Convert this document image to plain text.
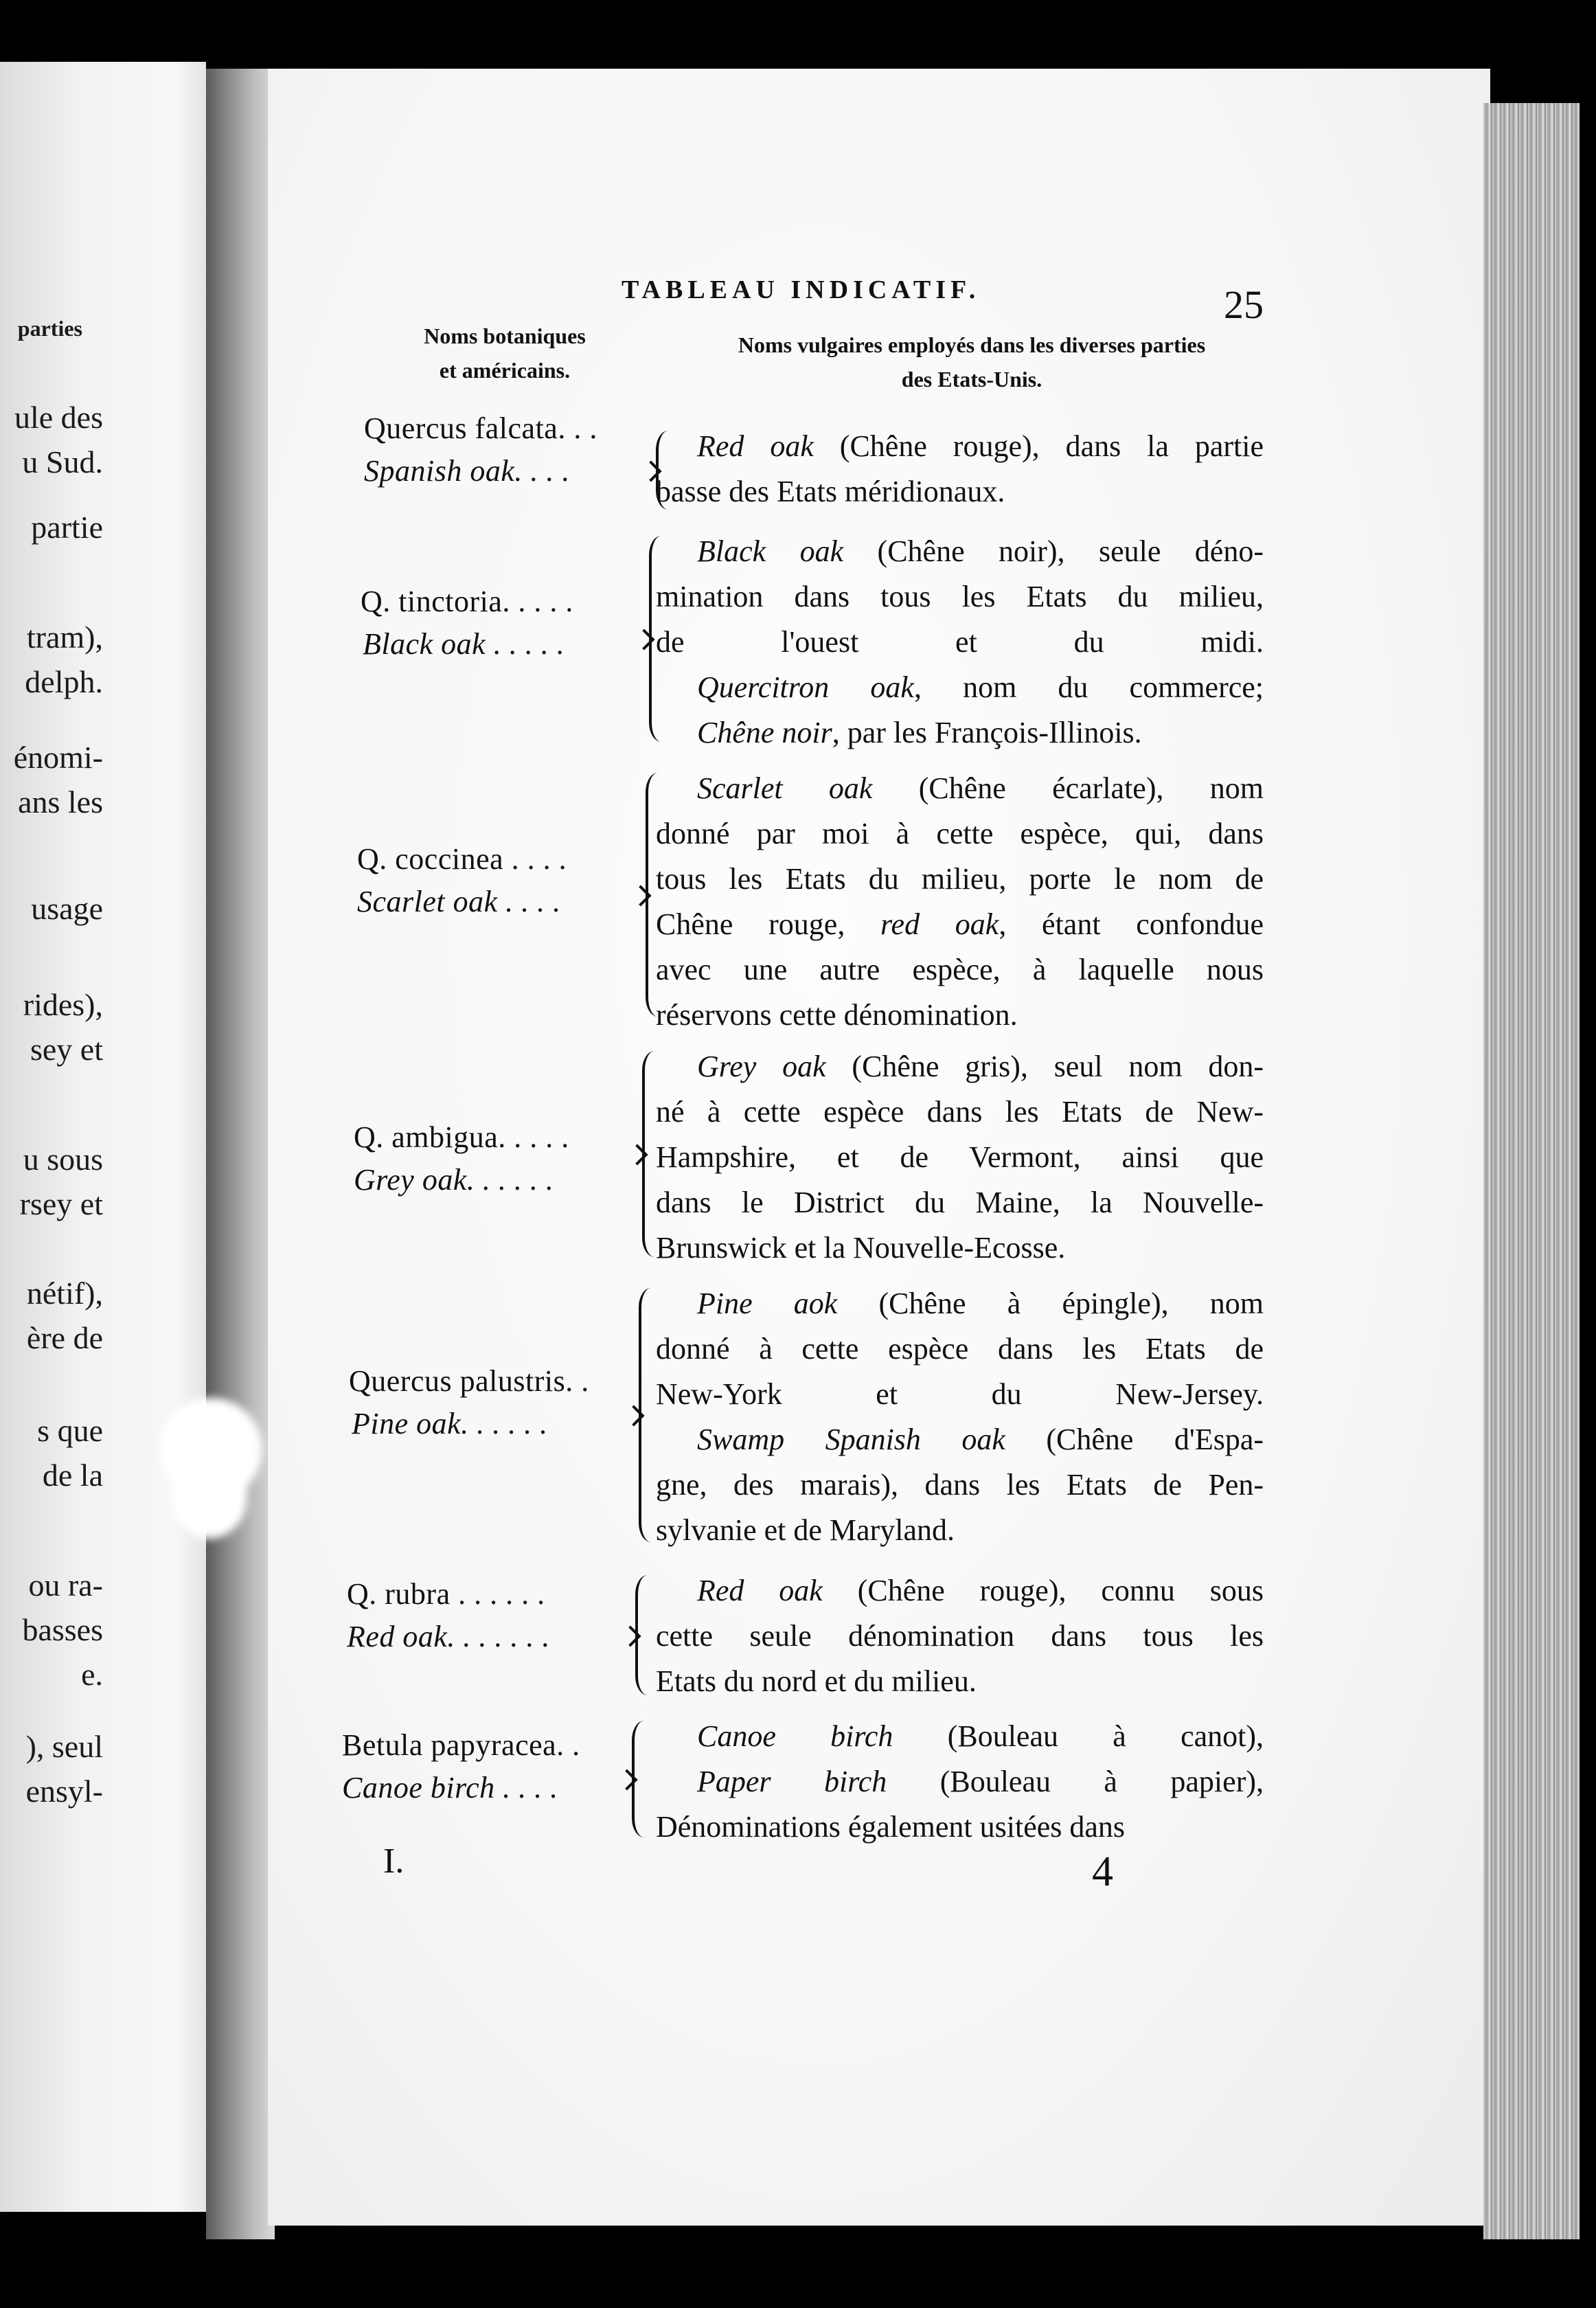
parties
ule des
u Sud.
partie
tram),
delph.
énomi-
ans les
usage
rides),
sey et
u sous
rsey et
nétif),
ère de
s que
de la
ou ra-
basses
e.
), seul
ensyl-
TABLEAU INDICATIF.	25
Noms botaniques
et américains.
Noms vulgaires employés dans les diverses parties
des Etats-Unis.
Quercus falcata. . .
Spanish oak. . . .

Red oak (Chêne rouge), dans la partie

basse des Etats méridionaux.

Q. tinctoria. . . . .
Black oak . . . . .

Black oak (Chêne noir), seule déno-

mination dans tous les Etats du milieu,

de l'ouest et du midi.

Quercitron oak, nom du commerce;

Chêne noir, par les François-Illinois.

Q. coccinea . . . .
Scarlet oak . . . .

Scarlet oak (Chêne écarlate), nom

donné par moi à cette espèce, qui, dans

tous les Etats du milieu, porte le nom de

Chêne rouge, red oak, étant confondue

avec une autre espèce, à laquelle nous

réservons cette dénomination.

Q. ambigua. . . . .
Grey oak. . . . . .

Grey oak (Chêne gris), seul nom don-

né à cette espèce dans les Etats de New-

Hampshire, et de Vermont, ainsi que

dans le District du Maine, la Nouvelle-

Brunswick et la Nouvelle-Ecosse.

Quercus palustris. .
Pine oak. . . . . .

Pine aok (Chêne à épingle), nom

donné à cette espèce dans les Etats de

New-York et du New-Jersey.

Swamp Spanish oak (Chêne d'Espa-

gne, des marais), dans les Etats de Pen-

sylvanie et de Maryland.

Q. rubra . . . . . .
Red oak. . . . . . .

Red oak (Chêne rouge), connu sous

cette seule dénomination dans tous les

Etats du nord et du milieu.

Betula papyracea. .
Canoe birch . . . .

Canoe birch (Bouleau à canot),

Paper birch (Bouleau à papier),

Dénominations également usitées dans

I.	4
